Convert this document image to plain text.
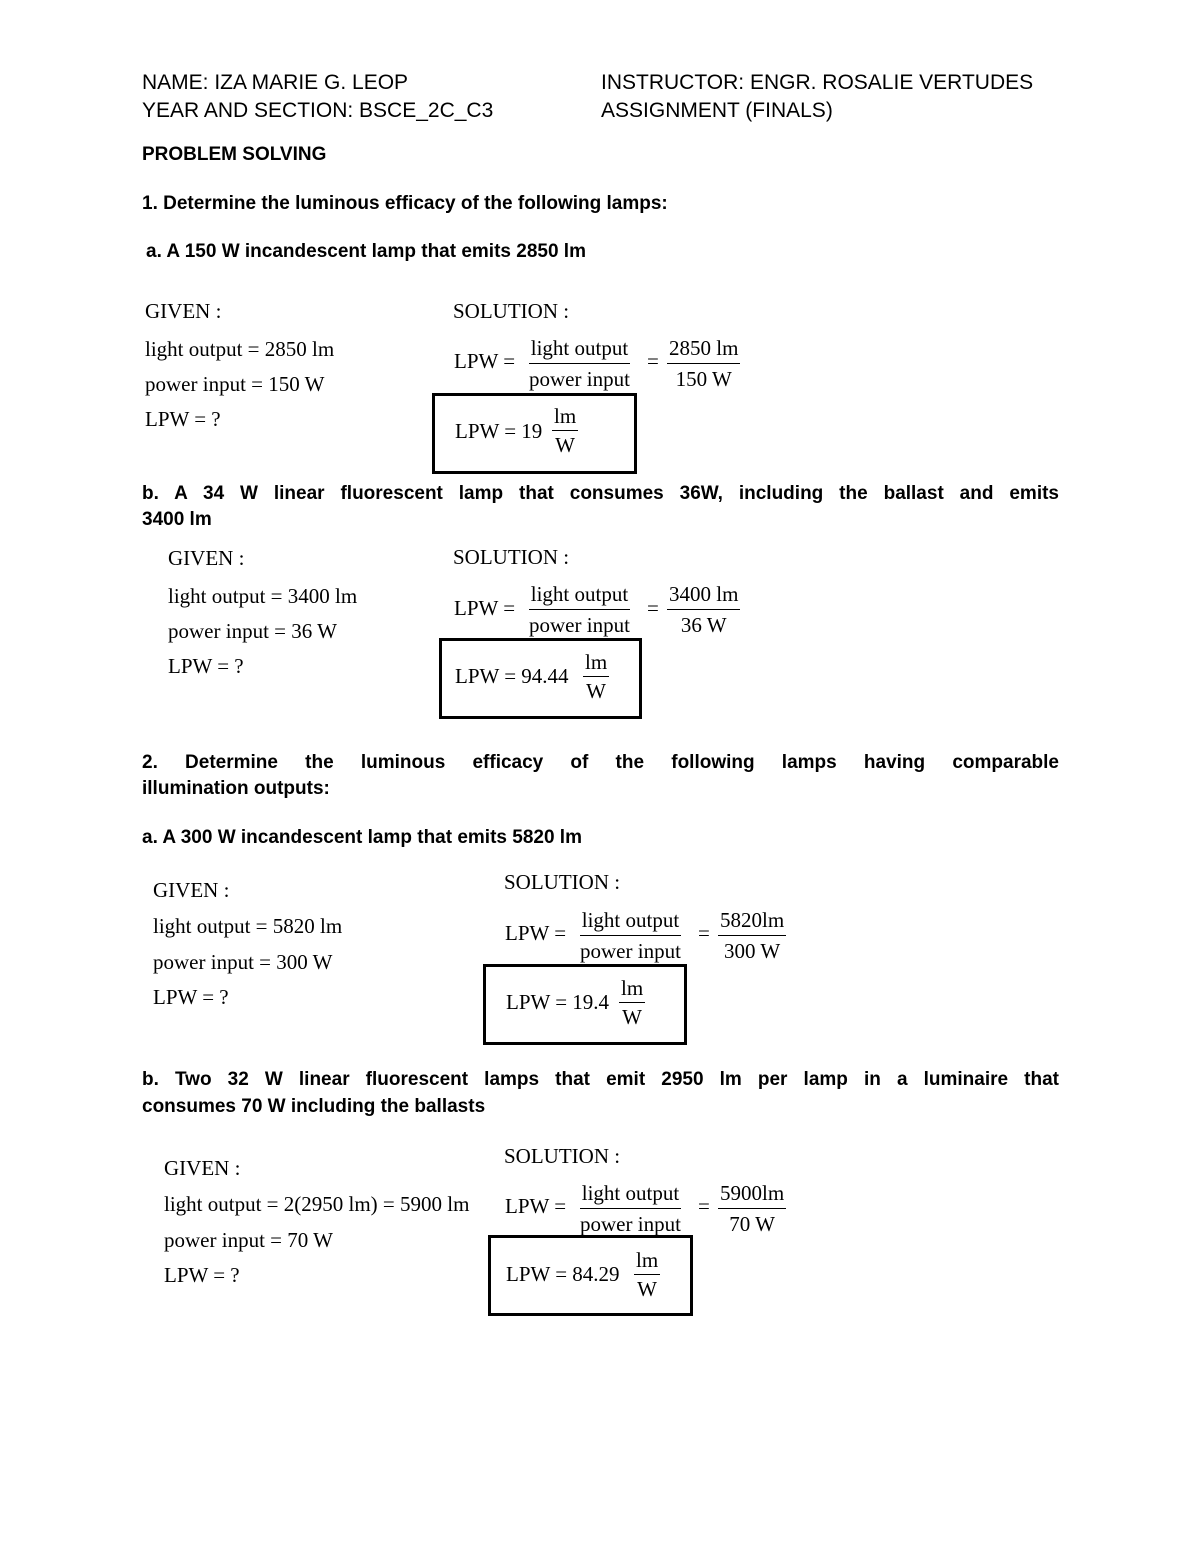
NAME: IZA MARIE G. LEOP
YEAR AND SECTION: BSCE_2C_C3
INSTRUCTOR: ENGR. ROSALIE VERTUDES
ASSIGNMENT (FINALS)
PROBLEM SOLVING
1. Determine the luminous efficacy of the following lamps:
a. A 150 W incandescent lamp that emits 2850 lm
GIVEN :
light output = 2850 lm
power input = 150 W
LPW = ?
SOLUTION :
LPW =
light output
power input
= $\frac{2850 lm}{150 W}$
LPW = $19 \frac{lm}{W}$
b. A 34 W linear fluorescent lamp that consumes 36W, including the ballast and emits
3400 lm
GIVEN :
light output = 3400 lm
power input = 36 W
LPW = ?
SOLUTION :
LPW =
light output
power input
= $\frac{3400 lm}{36 W}$
LPW = $94.44 \frac{lm}{W}$
2. Determine the luminous efficacy of the following lamps having comparable
illumination outputs:
a. A 300 W incandescent lamp that emits 5820 lm
GIVEN :
light output = 5820 lm
power input = 300 W
LPW = ?
SOLUTION :
LPW =
light output
power input
= $\frac{5820lm}{300 W}$
LPW = $19.4 \frac{lm}{W}$
b. Two 32 W linear fluorescent lamps that emit 2950 lm per lamp in a luminaire that
consumes 70 W including the ballasts
GIVEN :
light output = 2(2950 lm) = 5900 lm
power input = 70 W
LPW = ?
SOLUTION :
LPW =
light output
power input
= $\frac{5900lm}{70 W}$
LPW = $84.29 \frac{lm}{W}$
